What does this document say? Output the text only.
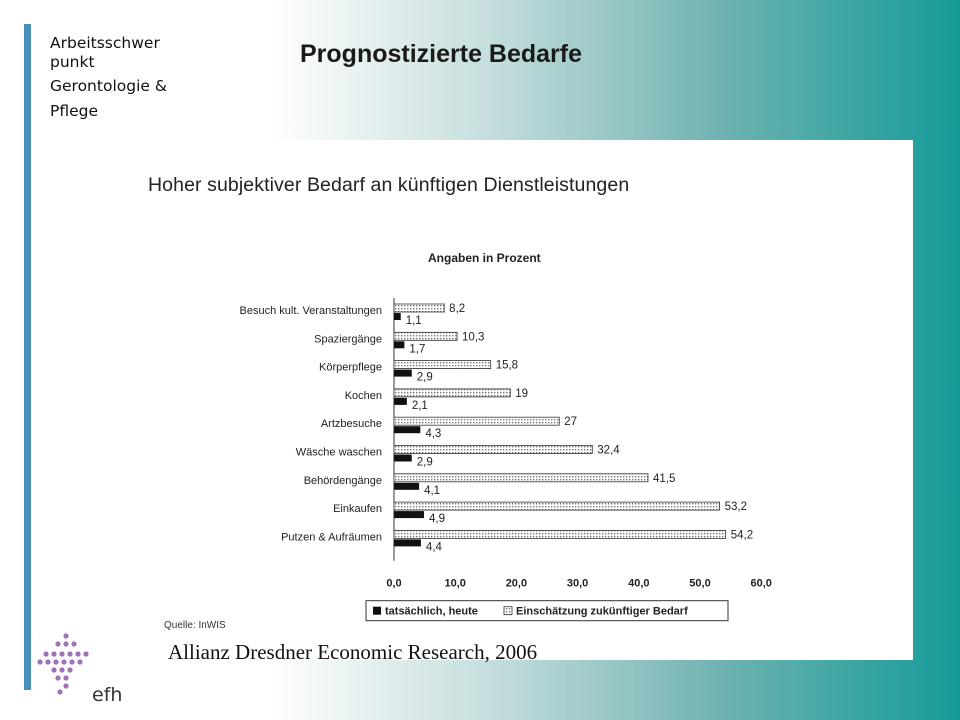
Arbeitsschwer
punkt
Gerontologie &
Pflege
Prognostizierte Bedarfe
Hoher subjektiver Bedarf an künftigen Dienstleistungen
Angaben in Prozent
Besuch kult. Veranstaltungen	8,2
1,1
Spaziergänge	10,3
1,7
Körperpflege	15,8
2,9
Kochen	19
2,1
Artzbesuche	27
4,3
Wäsche waschen	32,4
2,9
Behördengänge	41,5
4,1
Einkaufen	53,2
4,9
Putzen & Aufräumen	54,2
4,4
0,0	10,0	20,0	30,0	40,0	50,0	60,0
tatsächlich, heute	Einschätzung zukünftiger Bedarf
Quelle: InWIS
Allianz Dresdner Economic Research, 2006
efh
